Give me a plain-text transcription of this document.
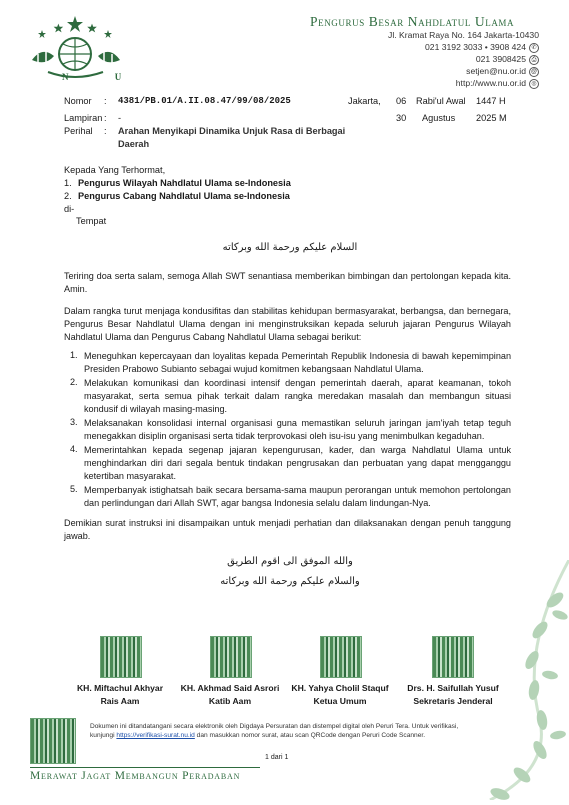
N U
Pengurus Besar Nahdlatul Ulama
Jl. Kramat Raya No. 164 Jakarta-10430
021 3192 3033 • 3908 424 ✆
021 3908425 ⎙
setjen@nu.or.id @
http://www.nu.or.id ◎
Nomor : 4381/PB.01/A.II.08.47/99/08/2025	Jakarta, 06 Rabi'ul Awal 1447 H
30 Agustus 2025 M
Lampiran : -
Perihal : Arahan Menyikapi Dinamika Unjuk Rasa di Berbagai
Daerah
Kepada Yang Terhormat,
1. Pengurus Wilayah Nahdlatul Ulama se-Indonesia
2. Pengurus Cabang Nahdlatul Ulama se-Indonesia
di-
Tempat
السلام عليكم ورحمة الله وبركاته
Teriring doa serta salam, semoga Allah SWT senantiasa memberikan bimbingan dan pertolongan kepada kita. Amin.
Dalam rangka turut menjaga kondusifitas dan stabilitas kehidupan bermasyarakat, berbangsa, dan bernegara, Pengurus Besar Nahdlatul Ulama dengan ini menginstruksikan kepada seluruh jajaran Pengurus Wilayah Nahdlatul Ulama dan Pengurus Cabang Nahdlatul Ulama sebagai berikut:
1. Meneguhkan kepercayaan dan loyalitas kepada Pemerintah Republik Indonesia di bawah kepemimpinan Presiden Prabowo Subianto sebagai wujud komitmen kebangsaan Nahdlatul Ulama.
2. Melakukan komunikasi dan koordinasi intensif dengan pemerintah daerah, aparat keamanan, tokoh masyarakat, serta semua pihak terkait dalam rangka meredakan masalah dan membangun situasi kondusif di wilayah masing-masing.
3. Melaksanakan konsolidasi internal organisasi guna memastikan seluruh jaringan jam'iyah tetap teguh menegakkan disiplin organisasi serta tidak terprovokasi oleh isu-isu yang menimbulkan kegaduhan.
4. Memerintahkan kepada segenap jajaran kepengurusan, kader, dan warga Nahdlatul Ulama untuk menghindarkan diri dari segala bentuk tindakan pengrusakan dan perbuatan yang dapat mengganggu ketertiban masyarakat.
5. Memperbanyak istighatsah baik secara bersama-sama maupun perorangan untuk memohon pertolongan dan perlindungan dari Allah SWT, agar bangsa Indonesia selalu dalam lindungan-Nya.
Demikian surat instruksi ini disampaikan untuk menjadi perhatian dan dilaksanakan dengan penuh tanggung jawab.
والله الموفق الى اقوم الطريق
والسلام عليكم ورحمة الله وبركاته
KH. Miftachul Akhyar
Rais Aam
KH. Akhmad Said Asrori
Katib Aam
KH. Yahya Cholil Staquf
Ketua Umum
Drs. H. Saifullah Yusuf
Sekretaris Jenderal
Dokumen ini ditandatangani secara elektronik oleh Digdaya Persuratan dan distempel digital oleh Peruri Tera. Untuk verifikasi, kunjungi https://verifikasi-surat.nu.id dan masukkan nomor surat, atau scan QRCode dengan Peruri Code Scanner.
1 dari 1
Merawat Jagat Membangun Peradaban
